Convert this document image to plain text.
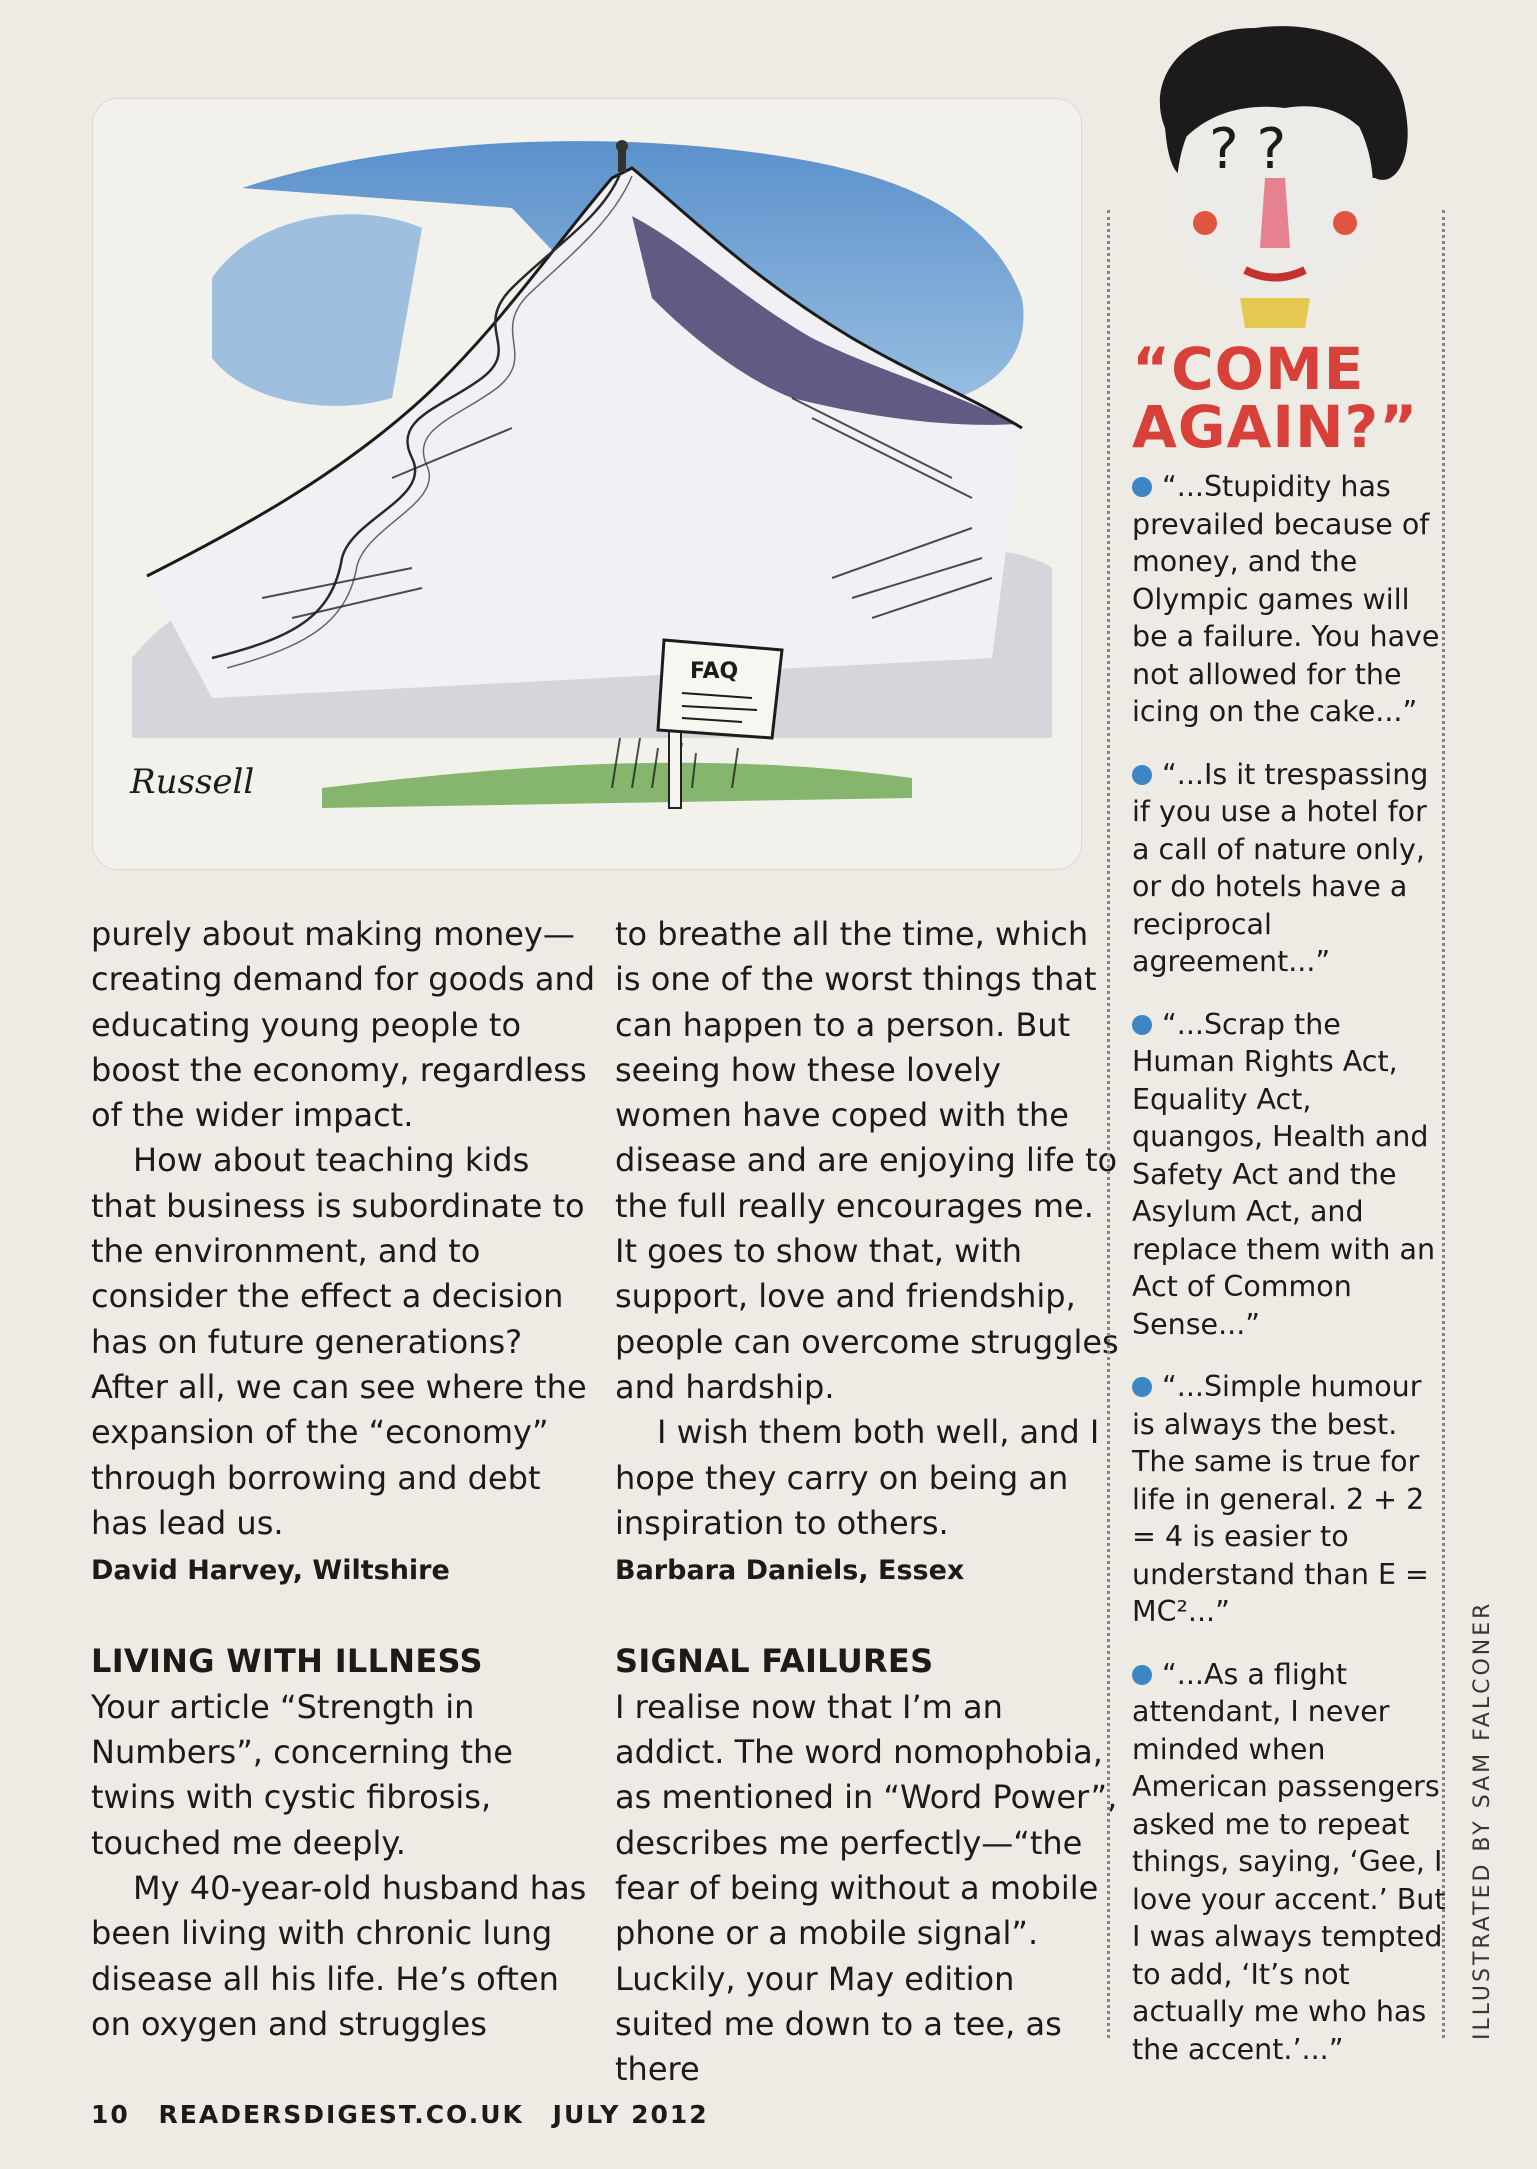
FAQ
Russell

purely about making money—creating demand for goods and educating young people to boost the economy, regardless of the wider impact.

How about teaching kids that business is subordinate to the environment, and to consider the effect a decision has on future generations? After all, we can see where the expansion of the “economy” through borrowing and debt has lead us.

David Harvey, Wiltshire
LIVING WITH ILLNESS

Your article “Strength in Numbers”, concerning the twins with cystic fibrosis, touched me deeply.

My 40-year-old husband has been living with chronic lung disease all his life. He’s often on oxygen and struggles

to breathe all the time, which is one of the worst things that can happen to a person. But seeing how these lovely women have coped with the disease and are enjoying life to the full really encourages me. It goes to show that, with support, love and friendship, people can overcome struggles and hardship.

I wish them both well, and I hope they carry on being an inspiration to others.

Barbara Daniels, Essex
SIGNAL FAILURES

I realise now that I’m an addict. The word nomophobia, as mentioned in “Word Power”, describes me perfectly—“the fear of being without a mobile phone or a mobile signal”. Luckily, your May edition suited me down to a tee, as there

? ?
“COME
AGAIN?”

“...Stupidity has prevailed because of money, and the Olympic games will be a failure. You have not allowed for the icing on the cake...”

“...Is it trespassing if you use a hotel for a call of nature only, or do hotels have a reciprocal agreement...”

“...Scrap the Human Rights Act, Equality Act, quangos, Health and Safety Act and the Asylum Act, and replace them with an Act of Common Sense...”

“...Simple humour is always the best. The same is true for life in general. 2 + 2 = 4 is easier to understand than E = MC²...”

“...As a flight attendant, I never minded when American passengers asked me to repeat things, saying, ‘Gee, I love your accent.’ But I was always tempted to add, ‘It’s not actually me who has the accent.’...”

ILLUSTRATED BY SAM FALCONER
10 READERSDIGEST.CO.UK JULY 2012
